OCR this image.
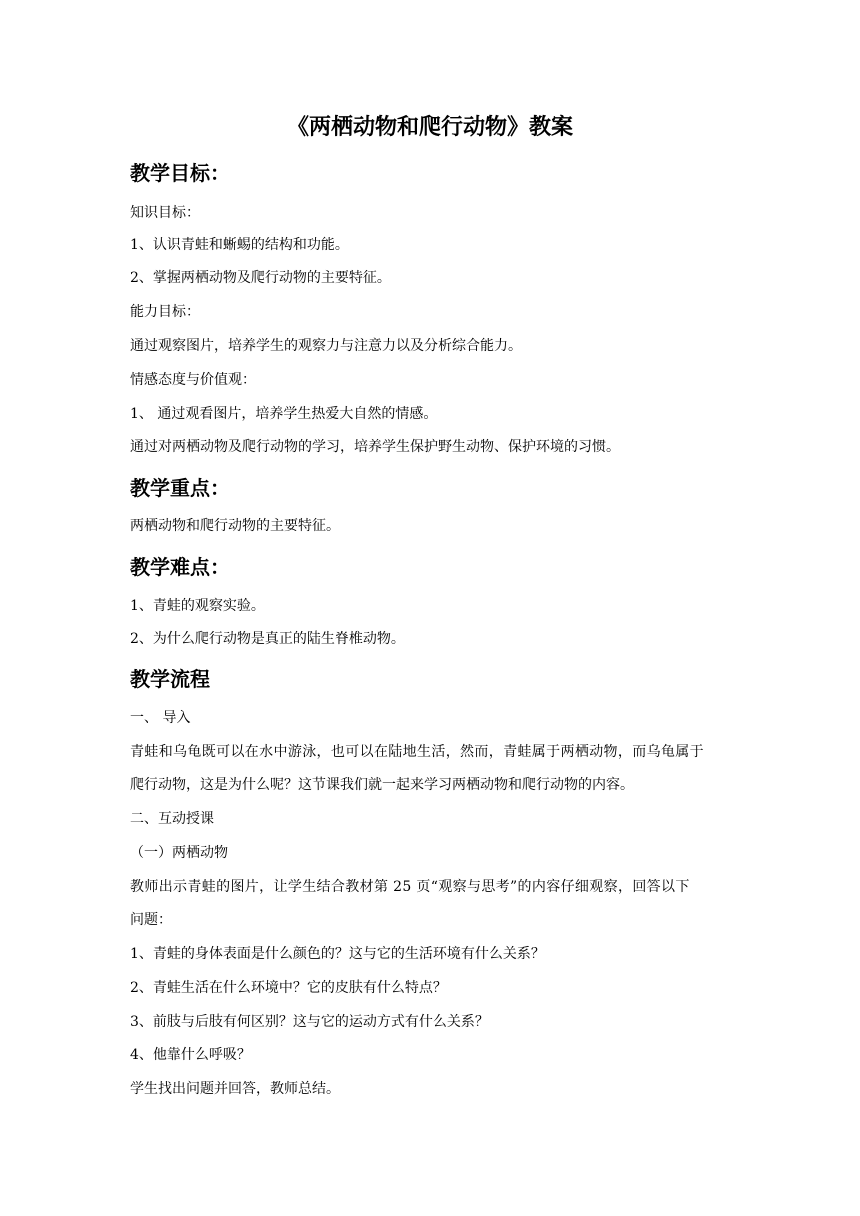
《两栖动物和爬行动物》教案
教学目标：
知识目标：
1、认识青蛙和蜥蜴的结构和功能。
2、掌握两栖动物及爬行动物的主要特征。
能力目标：
通过观察图片，培养学生的观察力与注意力以及分析综合能力。
情感态度与价值观：
1、 通过观看图片，培养学生热爱大自然的情感。
通过对两栖动物及爬行动物的学习，培养学生保护野生动物、保护环境的习惯。
教学重点：
两栖动物和爬行动物的主要特征。
教学难点：
1、青蛙的观察实验。
2、为什么爬行动物是真正的陆生脊椎动物。
教学流程
一、 导入
青蛙和乌龟既可以在水中游泳，也可以在陆地生活，然而，青蛙属于两栖动物，而乌龟属于
爬行动物，这是为什么呢？这节课我们就一起来学习两栖动物和爬行动物的内容。
二、互动授课
（一）两栖动物
教师出示青蛙的图片，让学生结合教材第 25 页“观察与思考”的内容仔细观察，回答以下
问题：
1、青蛙的身体表面是什么颜色的？这与它的生活环境有什么关系？
2、青蛙生活在什么环境中？它的皮肤有什么特点？
3、前肢与后肢有何区别？这与它的运动方式有什么关系？
4、他靠什么呼吸？
学生找出问题并回答，教师总结。
